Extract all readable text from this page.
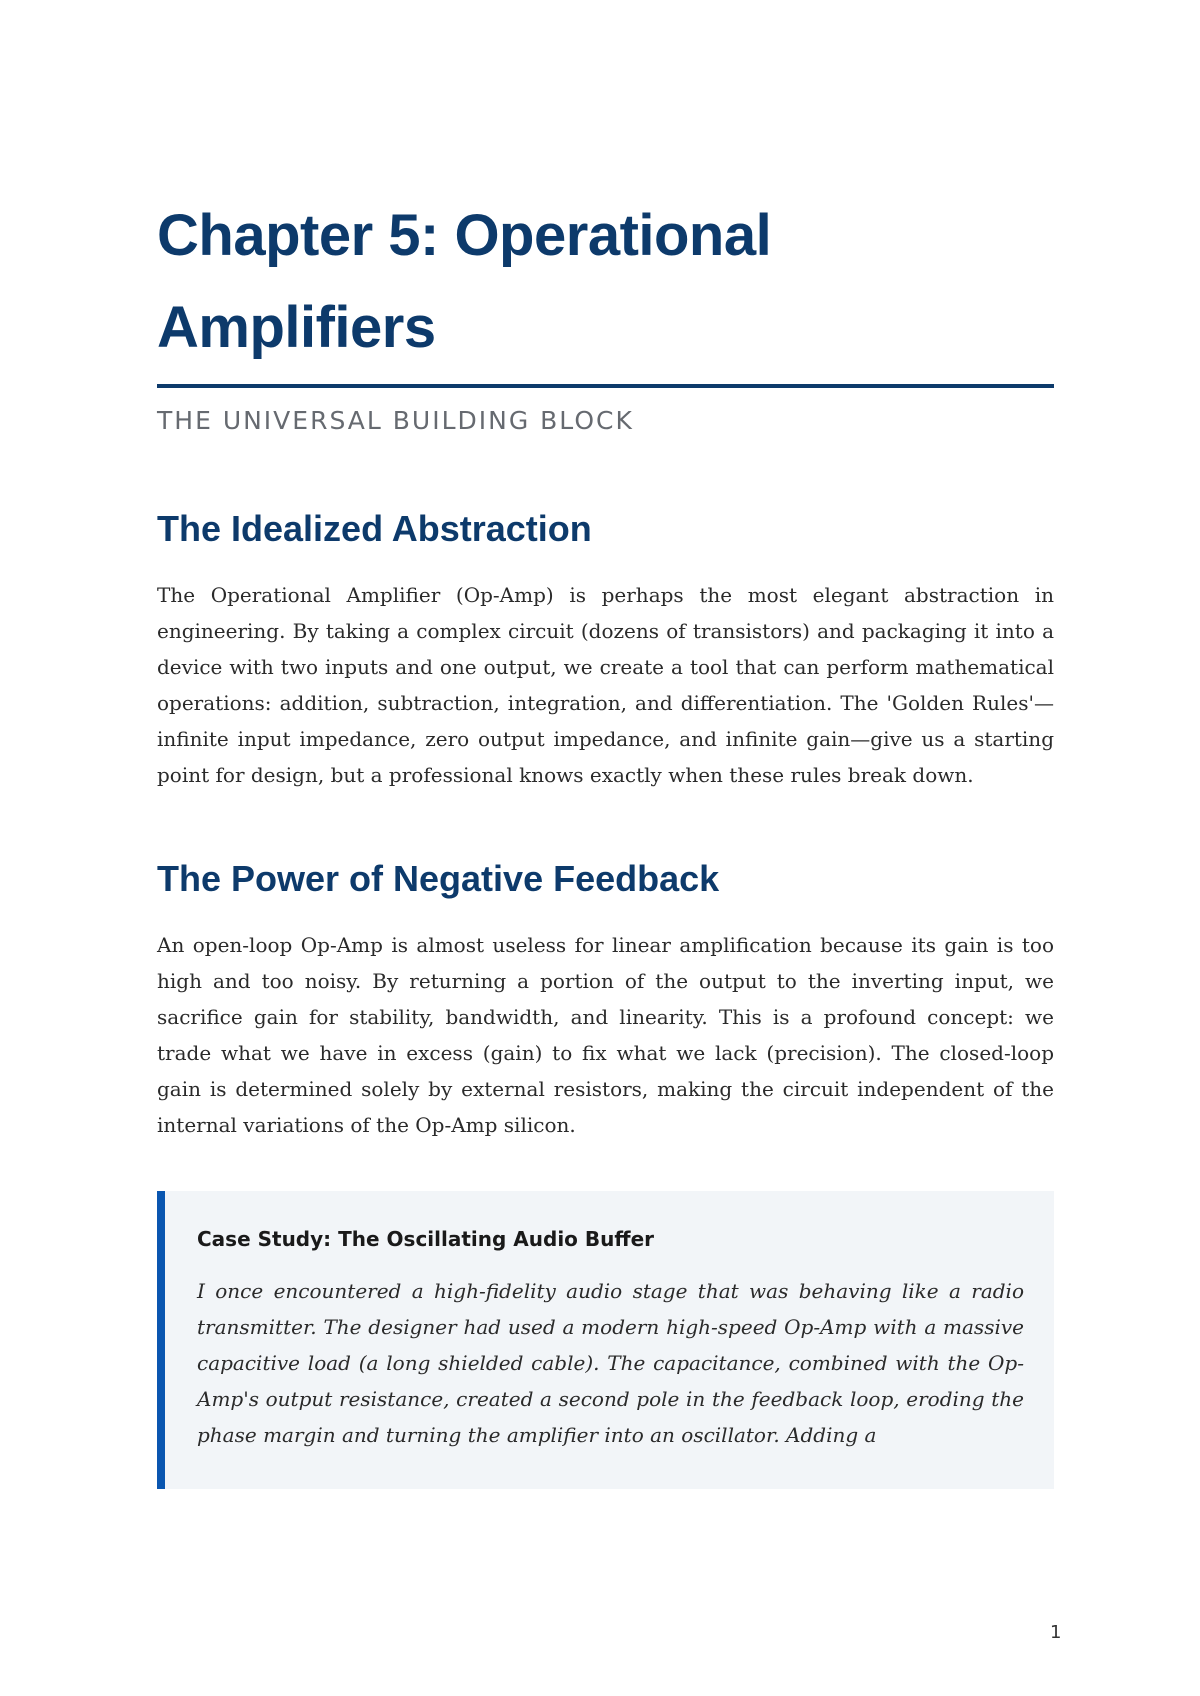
Chapter 5: Operational Amplifiers
THE UNIVERSAL BUILDING BLOCK
The Idealized Abstraction

The Operational Amplifier (Op-Amp) is perhaps the most elegant abstraction in engineering. By taking a complex circuit (dozens of transistors) and packaging it into a device with two inputs and one output, we create a tool that can perform mathematical operations: addition, subtraction, integration, and differentiation. The 'Golden Rules'—infinite input impedance, zero output impedance, and infinite gain—give us a starting point for design, but a professional knows exactly when these rules break down.

The Power of Negative Feedback

An open-loop Op-Amp is almost useless for linear amplification because its gain is too high and too noisy. By returning a portion of the output to the inverting input, we sacrifice gain for stability, bandwidth, and linearity. This is a profound concept: we trade what we have in excess (gain) to fix what we lack (precision). The closed-loop gain is determined solely by external resistors, making the circuit independent of the internal variations of the Op-Amp silicon.

Case Study: The Oscillating Audio Buffer

I once encountered a high-fidelity audio stage that was behaving like a radio transmitter. The designer had used a modern high-speed Op-Amp with a massive capacitive load (a long shielded cable). The capacitance, combined with the Op-Amp's output resistance, created a second pole in the feedback loop, eroding the phase margin and turning the amplifier into an oscillator. Adding a

1
